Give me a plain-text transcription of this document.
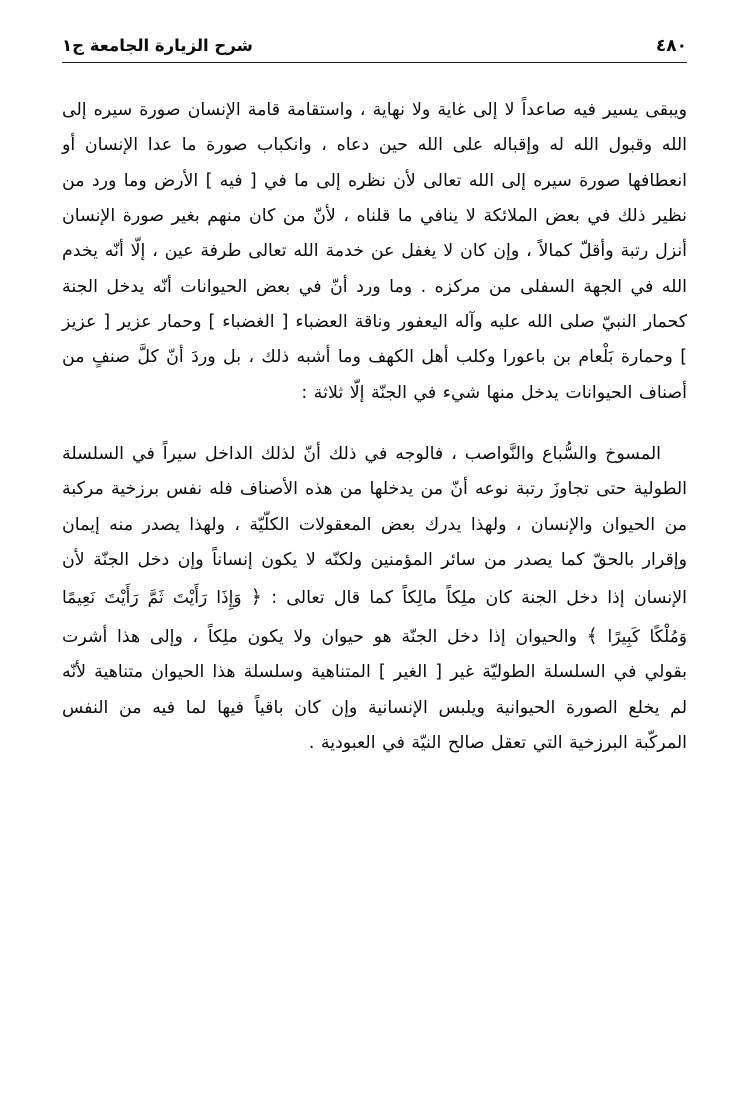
شرح الزيارة الجامعة ج١	٤٨٠

ويبقى يسير فيه صاعداً لا إلى غاية ولا نهاية ، واستقامة قامة الإنسان صورة سيره إلى الله وقبول الله له وإقباله على الله حين دعاه ، وانكباب صورة ما عدا الإنسان أو انعطافها صورة سيره إلى الله تعالى لأن نظره إلى ما في [ فيه ] الأرض وما ورد من نظير ذلك في بعض الملائكة لا ينافي ما قلناه ، لأنّ من كان منهم بغير صورة الإنسان أنزل رتبة وأقلّ كمالاً ، وإن كان لا يغفل عن خدمة الله تعالى طرفة عين ، إلّا أنّه يخدم الله في الجهة السفلى من مركزه . وما ورد أنّ في بعض الحيوانات أنّه يدخل الجنة كحمار النبيّ صلى الله عليه وآله اليعفور وناقة العضباء [ الغضباء ] وحمار عزير [ عزيز ] وحمارة بَلْعام بن باعورا وكلب أهل الكهف وما أشبه ذلك ، بل وردَ أنّ كلَّ صنفٍ من أصناف الحيوانات يدخل منها شيء في الجنّة إلّا ثلاثة :

المسوخ والسُّباع والنَّواصب ، فالوجه في ذلك أنّ لذلك الداخل سيراً في السلسلة الطولية حتى تجاوزَ رتبة نوعه أنّ من يدخلها من هذه الأصناف فله نفس برزخية مركبة من الحيوان والإنسان ، ولهذا يدرك بعض المعقولات الكلّيّة ، ولهذا يصدر منه إيمان وإقرار بالحقّ كما يصدر من سائر المؤمنين ولكنّه لا يكون إنساناً وإن دخل الجنّة لأن الإنسان إذا دخل الجنة كان ملِكاً مالِكاً كما قال تعالى : ﴿ وَإِذَا رَأَيْتَ ثَمَّ رَأَيْتَ نَعِيمًا وَمُلْكًا كَبِيرًا ﴾ والحيوان إذا دخل الجنّة هو حيوان ولا يكون ملِكاً ، وإلى هذا أشرت بقولي في السلسلة الطوليّة غير [ الغير ] المتناهية وسلسلة هذا الحيوان متناهية لأنّه لم يخلع الصورة الحيوانية ويلبس الإنسانية وإن كان باقياً فيها لما فيه من النفس المركّبة البرزخية التي تعقل صالح النيّة في العبودية .
